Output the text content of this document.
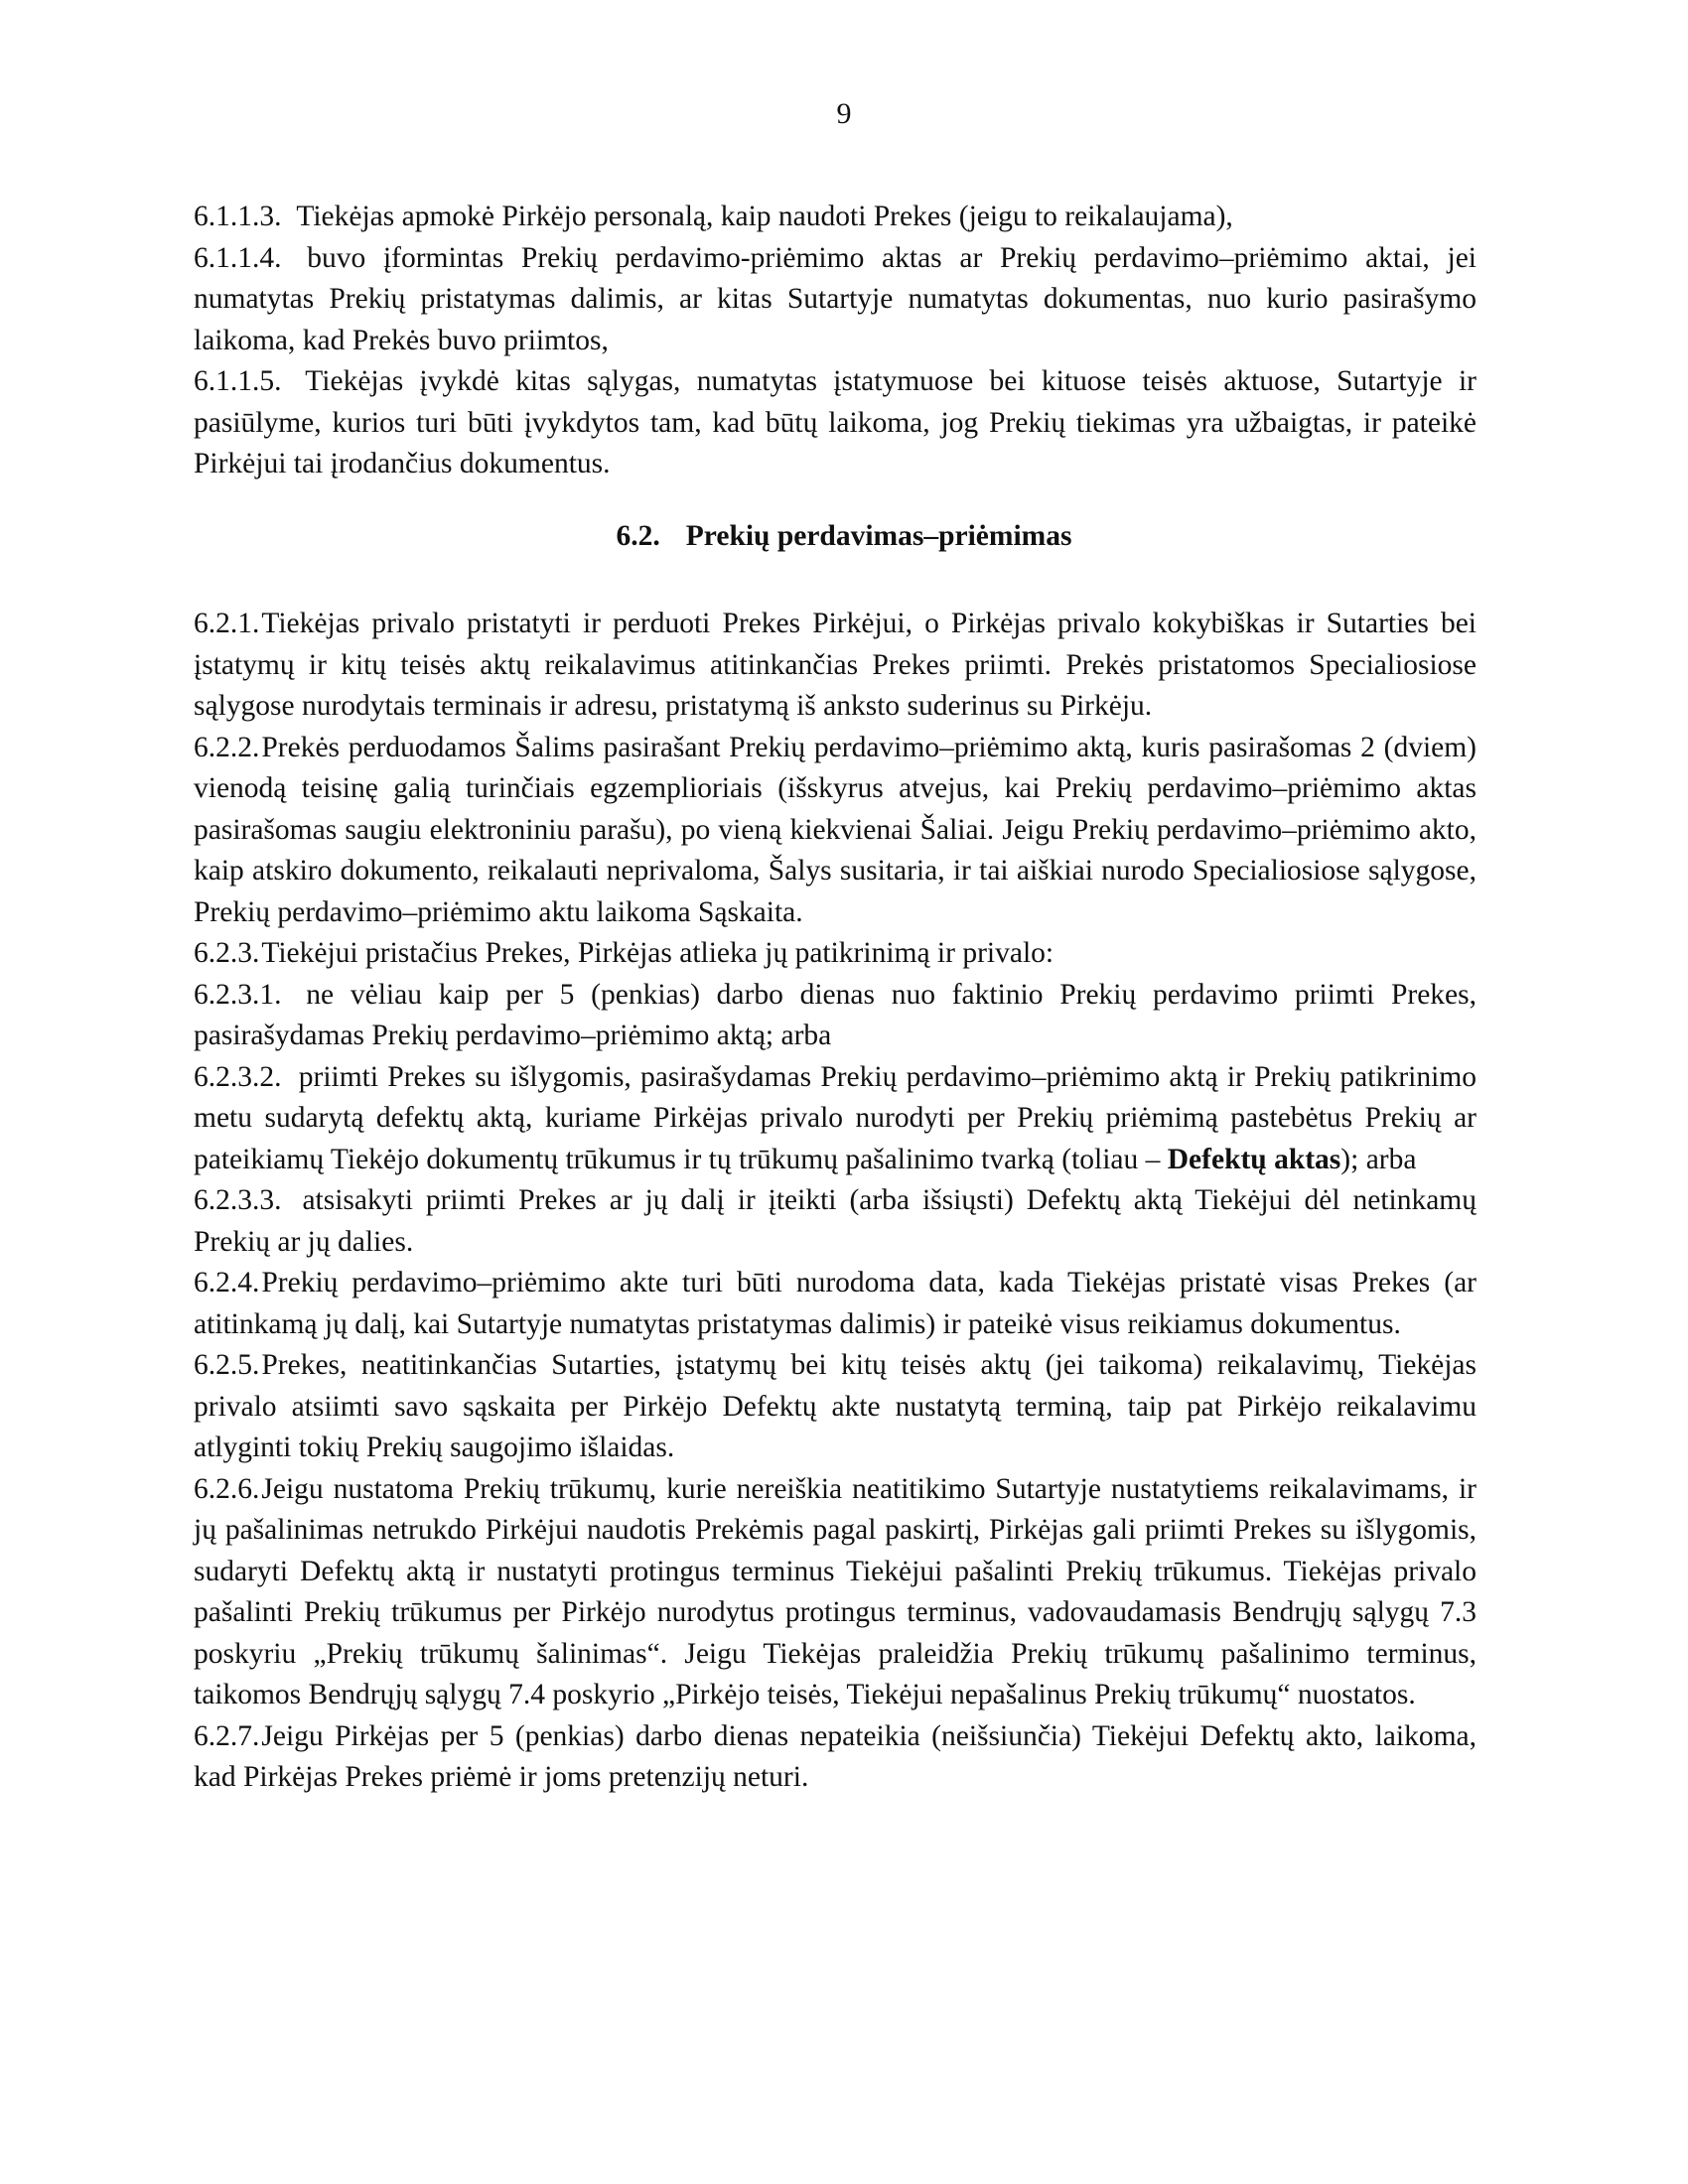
9

6.1.1.3. Tiekėjas apmokė Pirkėjo personalą, kaip naudoti Prekes (jeigu to reikalaujama),

6.1.1.4. buvo įformintas Prekių perdavimo-priėmimo aktas ar Prekių perdavimo–priėmimo aktai, jei numatytas Prekių pristatymas dalimis, ar kitas Sutartyje numatytas dokumentas, nuo kurio pasirašymo laikoma, kad Prekės buvo priimtos,

6.1.1.5. Tiekėjas įvykdė kitas sąlygas, numatytas įstatymuose bei kituose teisės aktuose, Sutartyje ir pasiūlyme, kurios turi būti įvykdytos tam, kad būtų laikoma, jog Prekių tiekimas yra užbaigtas, ir pateikė Pirkėjui tai įrodančius dokumentus.

6.2. Prekių perdavimas–priėmimas

6.2.1.Tiekėjas privalo pristatyti ir perduoti Prekes Pirkėjui, o Pirkėjas privalo kokybiškas ir Sutarties bei įstatymų ir kitų teisės aktų reikalavimus atitinkančias Prekes priimti. Prekės pristatomos Specialiosiose sąlygose nurodytais terminais ir adresu, pristatymą iš anksto suderinus su Pirkėju.

6.2.2.Prekės perduodamos Šalims pasirašant Prekių perdavimo–priėmimo aktą, kuris pasirašomas 2 (dviem) vienodą teisinę galią turinčiais egzemplioriais (išskyrus atvejus, kai Prekių perdavimo–priėmimo aktas pasirašomas saugiu elektroniniu parašu), po vieną kiekvienai Šaliai. Jeigu Prekių perdavimo–priėmimo akto, kaip atskiro dokumento, reikalauti neprivaloma, Šalys susitaria, ir tai aiškiai nurodo Specialiosiose sąlygose, Prekių perdavimo–priėmimo aktu laikoma Sąskaita.

6.2.3.Tiekėjui pristačius Prekes, Pirkėjas atlieka jų patikrinimą ir privalo:

6.2.3.1. ne vėliau kaip per 5 (penkias) darbo dienas nuo faktinio Prekių perdavimo priimti Prekes, pasirašydamas Prekių perdavimo–priėmimo aktą; arba

6.2.3.2. priimti Prekes su išlygomis, pasirašydamas Prekių perdavimo–priėmimo aktą ir Prekių patikrinimo metu sudarytą defektų aktą, kuriame Pirkėjas privalo nurodyti per Prekių priėmimą pastebėtus Prekių ar pateikiamų Tiekėjo dokumentų trūkumus ir tų trūkumų pašalinimo tvarką (toliau – Defektų aktas); arba

6.2.3.3. atsisakyti priimti Prekes ar jų dalį ir įteikti (arba išsiųsti) Defektų aktą Tiekėjui dėl netinkamų Prekių ar jų dalies.

6.2.4.Prekių perdavimo–priėmimo akte turi būti nurodoma data, kada Tiekėjas pristatė visas Prekes (ar atitinkamą jų dalį, kai Sutartyje numatytas pristatymas dalimis) ir pateikė visus reikiamus dokumentus.

6.2.5.Prekes, neatitinkančias Sutarties, įstatymų bei kitų teisės aktų (jei taikoma) reikalavimų, Tiekėjas privalo atsiimti savo sąskaita per Pirkėjo Defektų akte nustatytą terminą, taip pat Pirkėjo reikalavimu atlyginti tokių Prekių saugojimo išlaidas.

6.2.6.Jeigu nustatoma Prekių trūkumų, kurie nereiškia neatitikimo Sutartyje nustatytiems reikalavimams, ir jų pašalinimas netrukdo Pirkėjui naudotis Prekėmis pagal paskirtį, Pirkėjas gali priimti Prekes su išlygomis, sudaryti Defektų aktą ir nustatyti protingus terminus Tiekėjui pašalinti Prekių trūkumus. Tiekėjas privalo pašalinti Prekių trūkumus per Pirkėjo nurodytus protingus terminus, vadovaudamasis Bendrųjų sąlygų 7.3 poskyriu „Prekių trūkumų šalinimas“. Jeigu Tiekėjas praleidžia Prekių trūkumų pašalinimo terminus, taikomos Bendrųjų sąlygų 7.4 poskyrio „Pirkėjo teisės, Tiekėjui nepašalinus Prekių trūkumų“ nuostatos.

6.2.7.Jeigu Pirkėjas per 5 (penkias) darbo dienas nepateikia (neišsiunčia) Tiekėjui Defektų akto, laikoma, kad Pirkėjas Prekes priėmė ir joms pretenzijų neturi.
